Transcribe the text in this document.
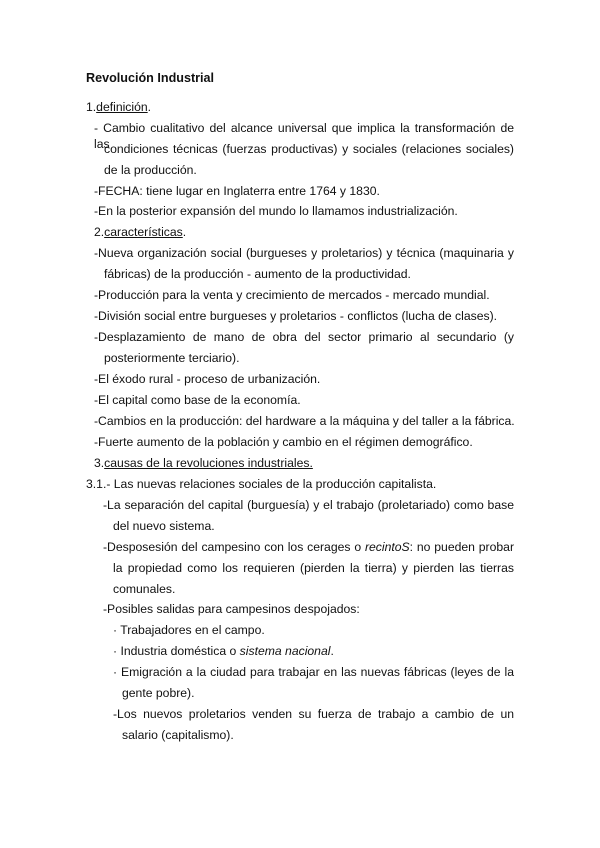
Revolución Industrial
1.definición.
- Cambio cualitativo del alcance universal que implica la transformación de las
condiciones técnicas (fuerzas productivas) y sociales (relaciones sociales)
de la producción.
-FECHA: tiene lugar en Inglaterra entre 1764 y 1830.
-En la posterior expansión del mundo lo llamamos industrialización.
2.características.
-Nueva organización social (burgueses y proletarios) y técnica (maquinaria y
fábricas) de la producción - aumento de la productividad.
-Producción para la venta y crecimiento de mercados - mercado mundial.
-División social entre burgueses y proletarios - conflictos (lucha de clases).
-Desplazamiento de mano de obra del sector primario al secundario (y
posteriormente terciario).
-El éxodo rural - proceso de urbanización.
-El capital como base de la economía.
-Cambios en la producción: del hardware a la máquina y del taller a la fábrica.
-Fuerte aumento de la población y cambio en el régimen demográfico.
3.causas de la revoluciones industriales.
3.1.- Las nuevas relaciones sociales de la producción capitalista.
-La separación del capital (burguesía) y el trabajo (proletariado) como base
del nuevo sistema.
-Desposesión del campesino con los cerages o recintoS: no pueden probar
la propiedad como los requieren (pierden la tierra) y pierden las tierras
comunales.
-Posibles salidas para campesinos despojados:
· Trabajadores en el campo.
· Industria doméstica o sistema nacional.
· Emigración a la ciudad para trabajar en las nuevas fábricas (leyes de la
gente pobre).
-Los nuevos proletarios venden su fuerza de trabajo a cambio de un
salario (capitalismo).
